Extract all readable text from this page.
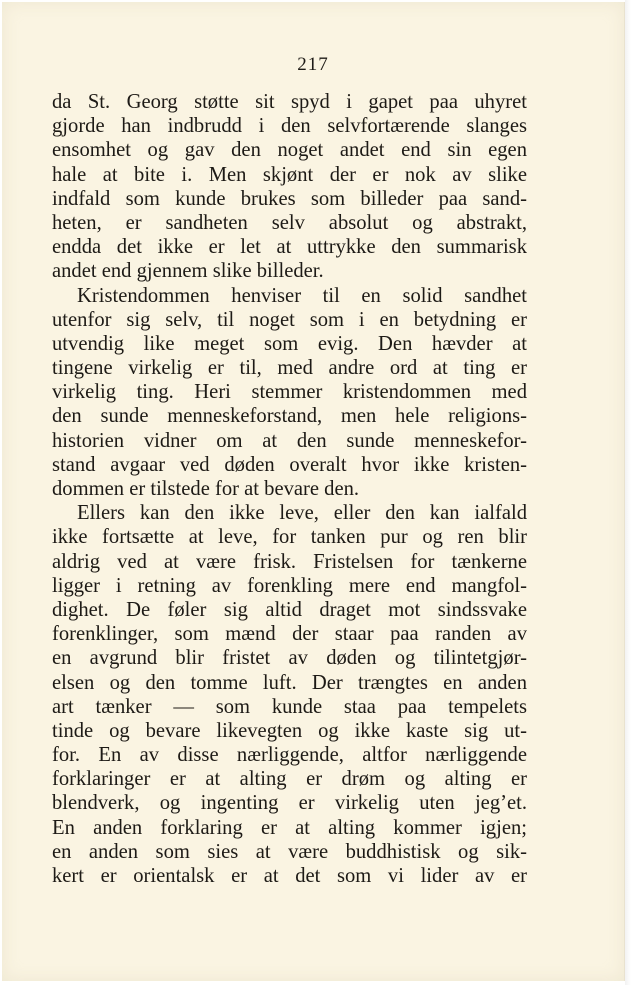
217
da St. Georg støtte sit spyd i gapet paa uhyret
gjorde han indbrudd i den selvfortærende slanges
ensomhet og gav den noget andet end sin egen
hale at bite i. Men skjønt der er nok av slike
indfald som kunde brukes som billeder paa sand-
heten, er sandheten selv absolut og abstrakt,
endda det ikke er let at uttrykke den summarisk
andet end gjennem slike billeder.
Kristendommen henviser til en solid sandhet
utenfor sig selv, til noget som i en betydning er
utvendig like meget som evig. Den hævder at
tingene virkelig er til, med andre ord at ting er
virkelig ting. Heri stemmer kristendommen med
den sunde menneskeforstand, men hele religions-
historien vidner om at den sunde menneskefor-
stand avgaar ved døden overalt hvor ikke kristen-
dommen er tilstede for at bevare den.
Ellers kan den ikke leve, eller den kan ialfald
ikke fortsætte at leve, for tanken pur og ren blir
aldrig ved at være frisk. Fristelsen for tænkerne
ligger i retning av forenkling mere end mangfol-
dighet. De føler sig altid draget mot sindssvake
forenklinger, som mænd der staar paa randen av
en avgrund blir fristet av døden og tilintetgjør-
elsen og den tomme luft. Der trængtes en anden
art tænker — som kunde staa paa tempelets
tinde og bevare likevegten og ikke kaste sig ut-
for. En av disse nærliggende, altfor nærliggende
forklaringer er at alting er drøm og alting er
blendverk, og ingenting er virkelig uten jeg’et.
En anden forklaring er at alting kommer igjen;
en anden som sies at være buddhistisk og sik-
kert er orientalsk er at det som vi lider av er
